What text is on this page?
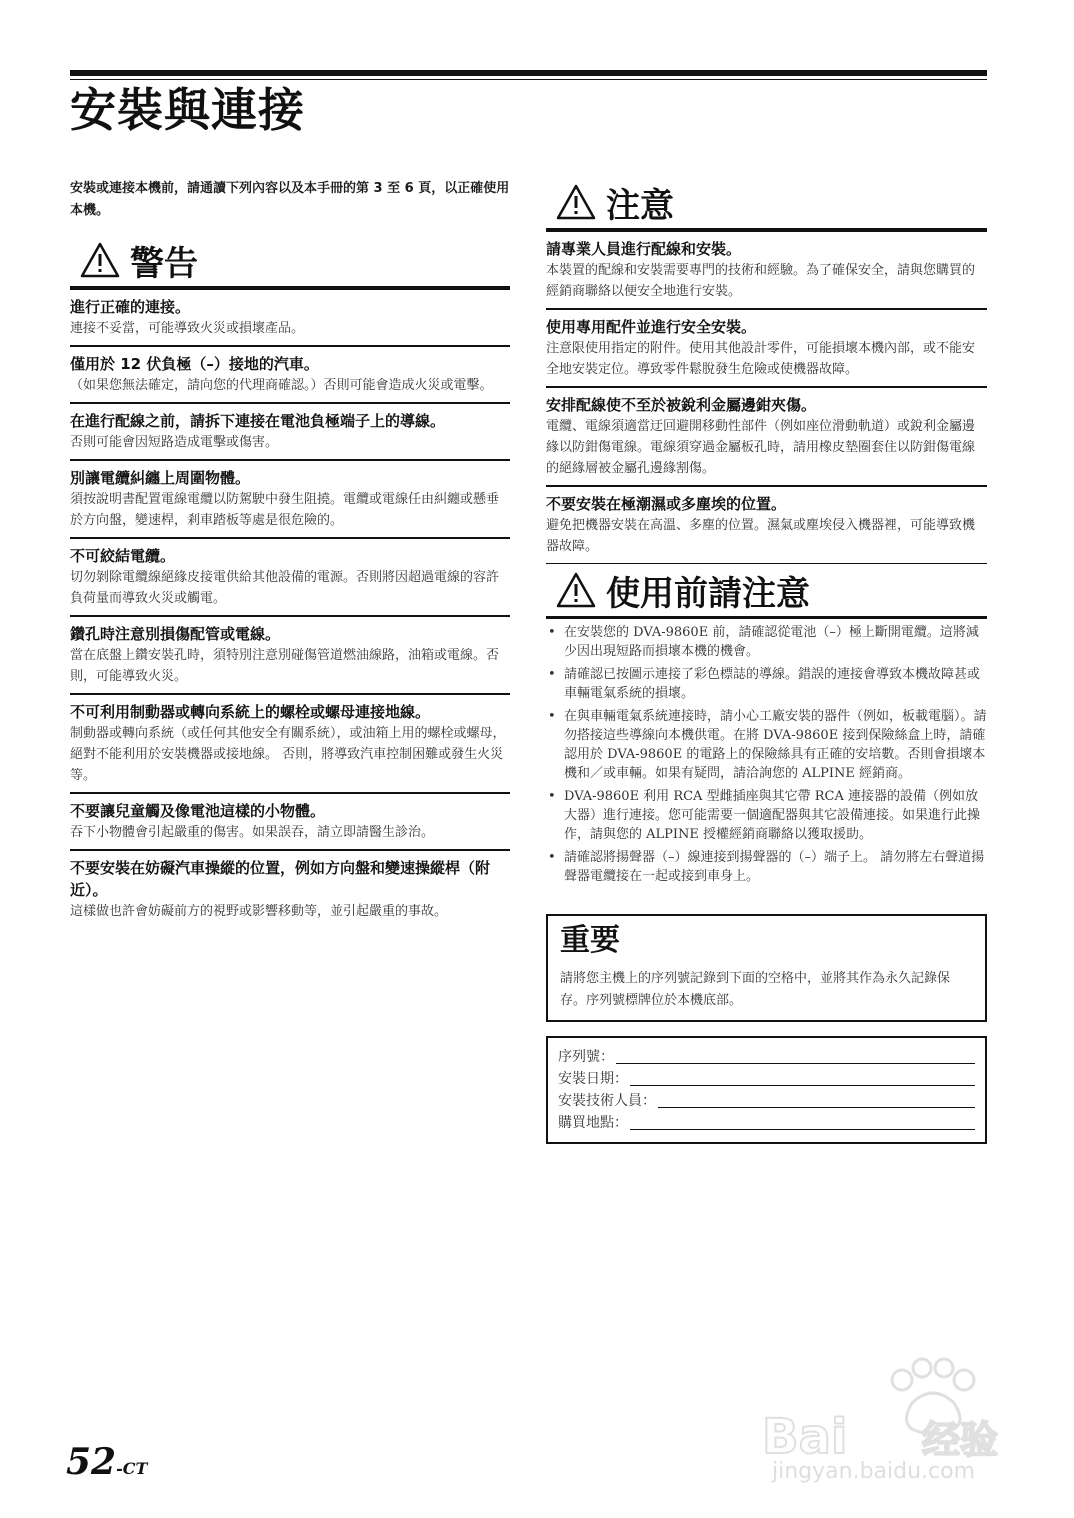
安裝與連接

安裝或連接本機前，請通讀下列內容以及本手冊的第 3 至 6 頁，以正確使用本機。

警告

進行正確的連接。

連接不妥當，可能導致火災或損壞產品。

僅用於 12 伏負極（–）接地的汽車。

（如果您無法確定，請向您的代理商確認。）否則可能會造成火災或電擊。

在進行配線之前，請拆下連接在電池負極端子上的導線。

否則可能會因短路造成電擊或傷害。

別讓電纜糾纏上周圍物體。

須按說明書配置電線電纜以防駕駛中發生阻撓。電纜或電線任由糾纏或懸垂於方向盤，變速桿，剎車踏板等處是很危險的。

不可絞結電纜。

切勿剝除電纜線絕緣皮接電供給其他設備的電源。否則將因超過電線的容許負荷量而導致火災或觸電。

鑽孔時注意別損傷配管或電線。

當在底盤上鑽安裝孔時，須特別注意別碰傷管道燃油線路，油箱或電線。否則，可能導致火災。

不可利用制動器或轉向系統上的螺栓或螺母連接地線。

制動器或轉向系統（或任何其他安全有關系統），或油箱上用的螺栓或螺母，絕對不能利用於安裝機器或接地線。 否則，將導致汽車控制困難或發生火災等。

不要讓兒童觸及像電池這樣的小物體。

吞下小物體會引起嚴重的傷害。如果誤吞，請立即請醫生診治。

不要安裝在妨礙汽車操縱的位置，例如方向盤和變速操縱桿（附近）。

這樣做也許會妨礙前方的視野或影響移動等，並引起嚴重的事故。

注意

請專業人員進行配線和安裝。

本裝置的配線和安裝需要專門的技術和經驗。為了確保安全，請與您購買的經銷商聯絡以便安全地進行安裝。

使用專用配件並進行安全安裝。

注意限使用指定的附件。使用其他設計零件，可能損壞本機內部，或不能安全地安裝定位。導致零件鬆脫發生危險或使機器故障。

安排配線使不至於被銳利金屬邊鉗夾傷。

電纜、電線須適當迂回避開移動性部件（例如座位滑動軌道）或銳利金屬邊緣以防鉗傷電線。電線須穿過金屬板孔時，請用橡皮墊圈套住以防鉗傷電線的絕緣層被金屬孔邊緣割傷。

不要安裝在極潮濕或多塵埃的位置。

避免把機器安裝在高溫、多塵的位置。濕氣或塵埃侵入機器裡，可能導致機器故障。

使用前請注意
• 在安裝您的 DVA-9860E 前，請確認從電池（–）極上斷開電纜。這將減少因出現短路而損壞本機的機會。
• 請確認已按圖示連接了彩色標誌的導線。錯誤的連接會導致本機故障甚或車輛電氣系統的損壞。
• 在與車輛電氣系統連接時，請小心工廠安裝的器件（例如，板載電腦）。請勿搭接這些導線向本機供電。在將 DVA-9860E 接到保險絲盒上時，請確認用於 DVA-9860E 的電路上的保險絲具有正確的安培數。否則會損壞本機和／或車輛。如果有疑問，請洽詢您的 ALPINE 經銷商。
• DVA-9860E 利用 RCA 型雌插座與其它帶 RCA 連接器的設備（例如放大器）進行連接。您可能需要一個適配器與其它設備連接。如果進行此操作，請與您的 ALPINE 授權經銷商聯絡以獲取援助。
• 請確認將揚聲器（–）線連接到揚聲器的（–）端子上。 請勿將左右聲道揚聲器電纜接在一起或接到車身上。

重要

請將您主機上的序列號記錄到下面的空格中，並將其作為永久記錄保存。序列號標牌位於本機底部。

序列號：
安裝日期：
安裝技術人員：
購買地點：

52-CT

Bai 经验
jingyan.baidu.com
